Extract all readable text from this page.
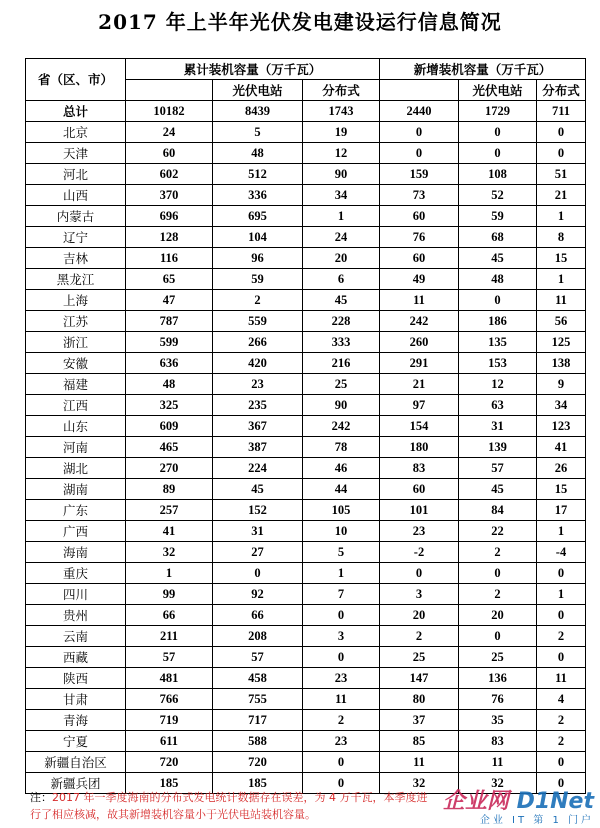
2017 年上半年光伏发电建设运行信息简况
省（区、市）	累计装机容量（万千瓦）			新增装机容量（万千瓦）		
		光伏电站	分布式		光伏电站	分布式
总计	10182	8439	1743	2440	1729	711
北京	24	5	19	0	0	0
天津	60	48	12	0	0	0
河北	602	512	90	159	108	51
山西	370	336	34	73	52	21
内蒙古	696	695	1	60	59	1
辽宁	128	104	24	76	68	8
吉林	116	96	20	60	45	15
黑龙江	65	59	6	49	48	1
上海	47	2	45	11	0	11
江苏	787	559	228	242	186	56
浙江	599	266	333	260	135	125
安徽	636	420	216	291	153	138
福建	48	23	25	21	12	9
江西	325	235	90	97	63	34
山东	609	367	242	154	31	123
河南	465	387	78	180	139	41
湖北	270	224	46	83	57	26
湖南	89	45	44	60	45	15
广东	257	152	105	101	84	17
广西	41	31	10	23	22	1
海南	32	27	5	-2	2	-4
重庆	1	0	1	0	0	0
四川	99	92	7	3	2	1
贵州	66	66	0	20	20	0
云南	211	208	3	2	0	2
西藏	57	57	0	25	25	0
陕西	481	458	23	147	136	11
甘肃	766	755	11	80	76	4
青海	719	717	2	37	35	2
宁夏	611	588	23	85	83	2
新疆自治区	720	720	0	11	11	0
新疆兵团	185	185	0	32	32	0
注：2017 年一季度海南的分布式发电统计数据存在误差，为 4 万千瓦，本季度进
行了相应核减，故其新增装机容量小于光伏电站装机容量。
企业网 D1Net
企业 IT 第 1 门户
